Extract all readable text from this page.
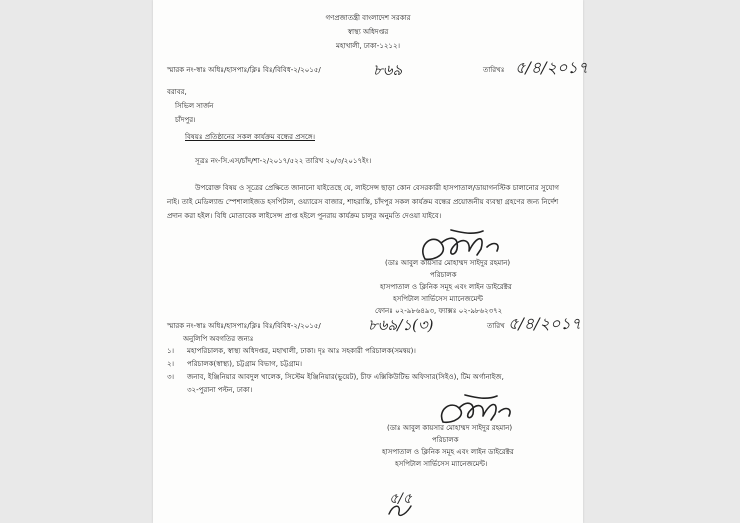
গণপ্রজাতন্ত্রী বাংলাদেশ সরকার
স্বাস্থ্য অধিদপ্তর
মহাখালী, ঢাকা-১২১২।
স্মারক নং-স্বাঃ অধিঃ/হাসপাঃ/ক্লিঃ বিঃ/বিবিধ-২/২০১৫/	৮৬৯	তারিখঃ ৫/৪/২০১৭
বরাবর,
সিভিল সার্জন
চাঁদপুর।
বিষয়ঃ প্রতিষ্ঠানের সকল কার্যক্রম বন্ধের প্রসঙ্গে।
সূত্রঃ নং-সি.এস/চাঁদ/শা-২/২০১৭/৫২২ তারিখ ২০/৩/২০১৭ইং।
উপরোক্ত বিষয় ও সূত্রের প্রেক্ষিতে জানানো যাইতেছে যে, লাইসেন্স ছাড়া কোন বেসরকারী হাসপাতাল/ডায়াগনস্টিক চালানোর সুযোগ নাই। তাই মেডিল্যান্ড স্পেশালাইজড হসপিটাল, ওয়্যারেস বাজার, শাহরাস্তি, চাঁদপুর সকল কার্যক্রম বন্ধের প্রয়োজনীয় ব্যবস্থা গ্রহণের জন্য নির্দেশ প্রদান করা হইল। বিধি মোতাবেক লাইসেন্স প্রাপ্ত হইলে পুনরায় কার্যক্রম চালুর অনুমতি দেওয়া যাইবে।
(ডাঃ আবুল কায়সার মোহাম্মদ সাইদুর রহমান)
পরিচালক
হাসপাতাল ও ক্লিনিক সমূহ এবং লাইন ডাইরেক্টর
হসপিটাল সার্ভিসেস ম্যানেজমেন্ট
ফোনঃ ০২-৯৮৬৪৯৩, ফ্যাক্সঃ ০২-৯৮৬২৩৭২
স্মারক নং-স্বাঃ অধিঃ/হাসপাঃ/ক্লিঃ বিঃ/বিবিধ-২/২০১৫/	৮৬৯/১(৩)	তারিখ ৫/৪/২০১৭
অনুলিপি অবগতির জন্যঃ
১। মহাপরিচালক, স্বাস্থ্য অধিদপ্তর, মহাখালী, ঢাকা। দৃঃ আঃ সহকারী পরিচালক(সমন্বয়)।
২। পরিচালক(স্বাস্থ্য), চট্টগ্রাম বিভাগ, চট্টগ্রাম।
৩। জনাব, ইঞ্জিনিয়ার আবদুল খালেক, সিস্টেম ইঞ্জিনিয়ার(ভুয়েট), চীফ এক্সিকিউটিভ অফিসার(সিইও), টিম অর্গানাইজ,
৩২-পুরানা পল্টন, ঢাকা।
(ডাঃ আবুল কায়সার মোহাম্মদ সাইদুর রহমান)
পরিচালক
হাসপাতাল ও ক্লিনিক সমূহ এবং লাইন ডাইরেক্টর
হসপিটাল সার্ভিসেস ম্যানেজমেন্ট।
৫/৫
